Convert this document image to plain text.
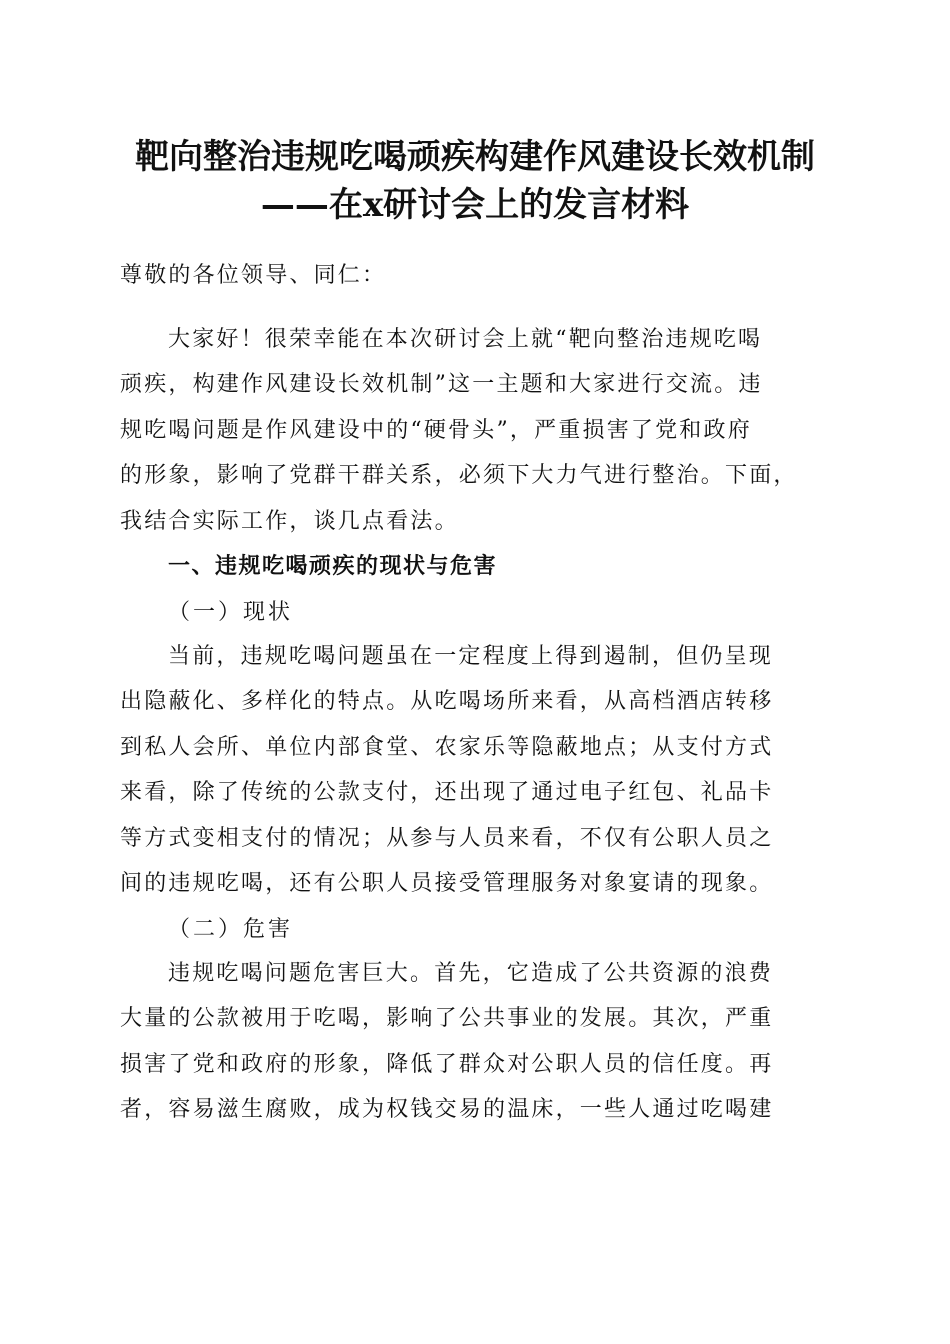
靶向整治违规吃喝顽疾构建作风建设长效机制
——在x研讨会上的发言材料
尊敬的各位领导、同仁：
大家好！很荣幸能在本次研讨会上就“靶向整治违规吃喝
顽疾，构建作风建设长效机制”这一主题和大家进行交流。违
规吃喝问题是作风建设中的“硬骨头”，严重损害了党和政府
的形象，影响了党群干群关系，必须下大力气进行整治。下面，
我结合实际工作，谈几点看法。
一、违规吃喝顽疾的现状与危害
（一）现状
当前，违规吃喝问题虽在一定程度上得到遏制，但仍呈现
出隐蔽化、多样化的特点。从吃喝场所来看，从高档酒店转移
到私人会所、单位内部食堂、农家乐等隐蔽地点；从支付方式
来看，除了传统的公款支付，还出现了通过电子红包、礼品卡
等方式变相支付的情况；从参与人员来看，不仅有公职人员之
间的违规吃喝，还有公职人员接受管理服务对象宴请的现象。
（二）危害
违规吃喝问题危害巨大。首先，它造成了公共资源的浪费
大量的公款被用于吃喝，影响了公共事业的发展。其次，严重
损害了党和政府的形象，降低了群众对公职人员的信任度。再
者，容易滋生腐败，成为权钱交易的温床，一些人通过吃喝建
